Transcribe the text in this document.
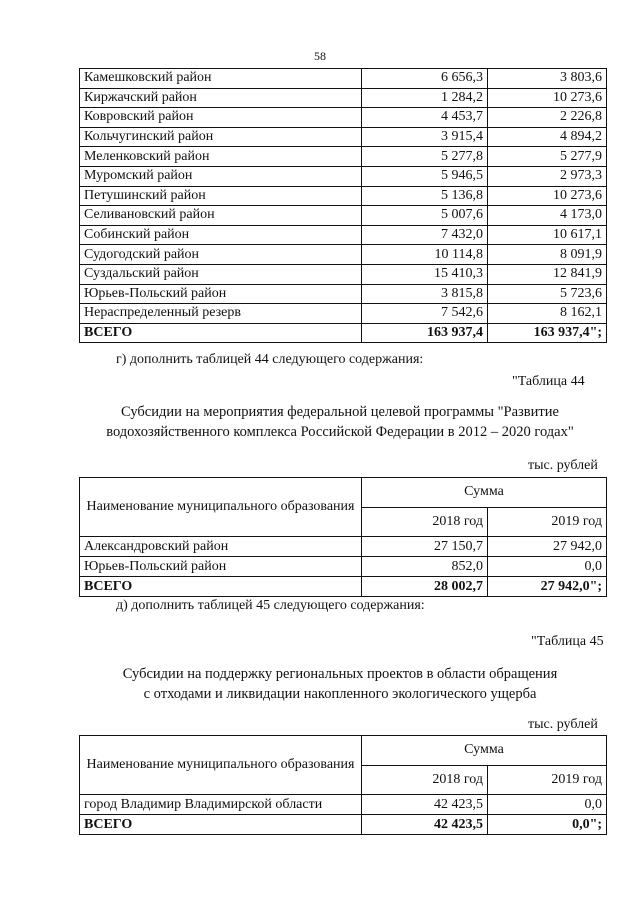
58
Камешковский район	6 656,3	3 803,6
Киржачский район	1 284,2	10 273,6
Ковровский район	4 453,7	2 226,8
Кольчугинский район	3 915,4	4 894,2
Меленковский район	5 277,8	5 277,9
Муромский район	5 946,5	2 973,3
Петушинский район	5 136,8	10 273,6
Селивановский район	5 007,6	4 173,0
Собинский район	7 432,0	10 617,1
Судогодский район	10 114,8	8 091,9
Суздальский район	15 410,3	12 841,9
Юрьев-Польский район	3 815,8	5 723,6
Нераспределенный резерв	7 542,6	8 162,1
ВСЕГО	163 937,4	163 937,4";
г) дополнить таблицей 44 следующего содержания:
"Таблица 44
Субсидии на мероприятия федеральной целевой программы "Развитие
водохозяйственного комплекса Российской Федерации в 2012 – 2020 годах"
тыс. рублей
Наименование муниципального образования	Сумма	
	2018 год	2019 год
Александровский район	27 150,7	27 942,0
Юрьев-Польский район	852,0	0,0
ВСЕГО	28 002,7	27 942,0";
д) дополнить таблицей 45 следующего содержания:
"Таблица 45
Субсидии на поддержку региональных проектов в области обращения
с отходами и ликвидации накопленного экологического ущерба
тыс. рублей
Наименование муниципального образования	Сумма	
	2018 год	2019 год
город Владимир Владимирской области	42 423,5	0,0
ВСЕГО	42 423,5	0,0";
